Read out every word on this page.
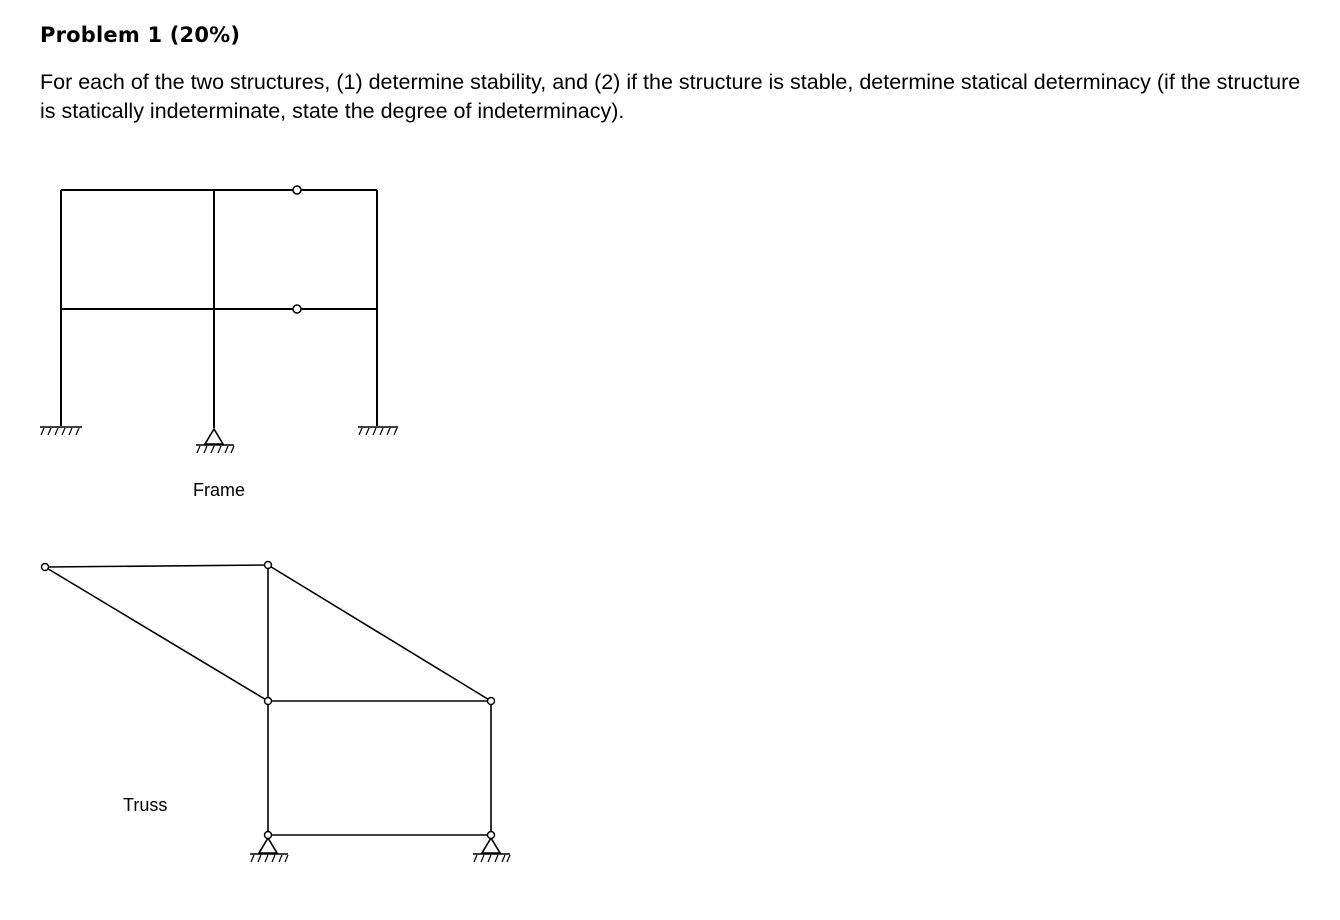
Problem 1 (20%)

For each of the two structures, (1) determine stability, and (2) if the structure is stable, determine statical determinacy (if the structure is statically indeterminate, state the degree of indeterminacy).

Frame
Truss
